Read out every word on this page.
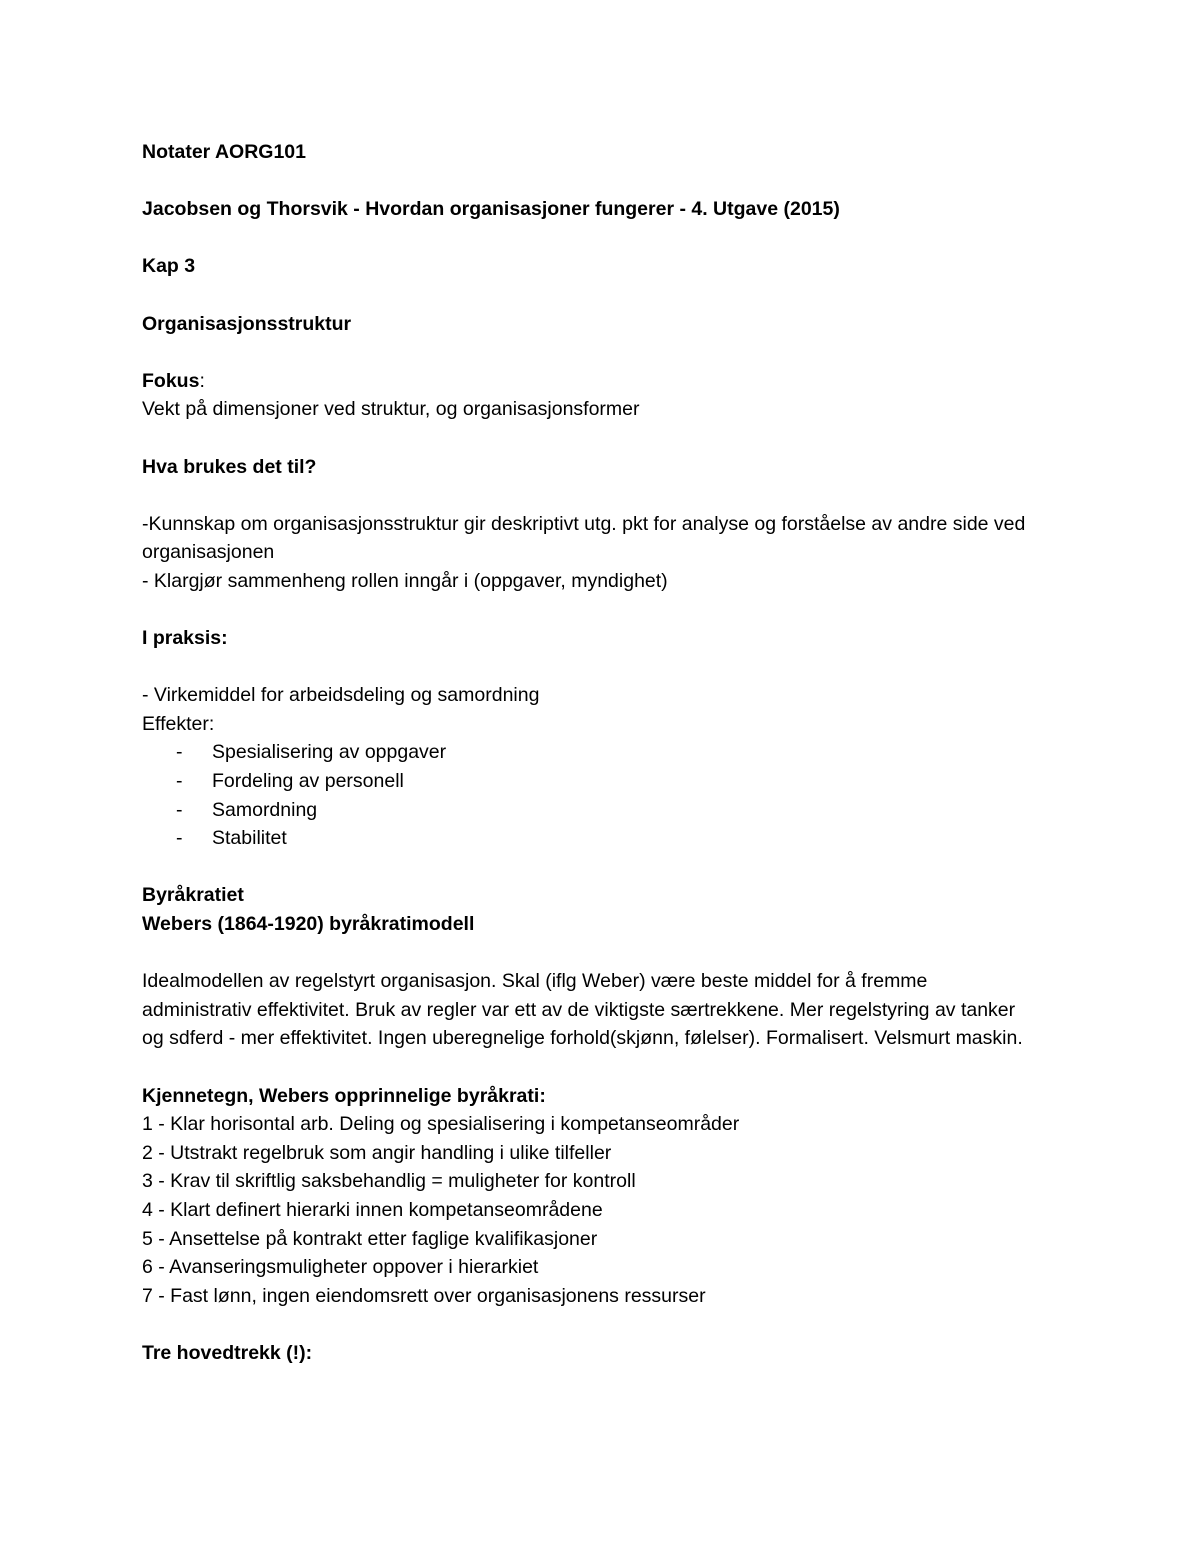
Notater AORG101
Jacobsen og Thorsvik - Hvordan organisasjoner fungerer - 4. Utgave (2015)
Kap 3
Organisasjonsstruktur
Fokus:
Vekt på dimensjoner ved struktur, og organisasjonsformer
Hva brukes det til?
-Kunnskap om organisasjonsstruktur gir deskriptivt utg. pkt for analyse og forståelse av andre side ved organisasjonen
- Klargjør sammenheng rollen inngår i (oppgaver, myndighet)
I praksis:
- Virkemiddel for arbeidsdeling og samordning
Effekter:
- Spesialisering av oppgaver
- Fordeling av personell
- Samordning
- Stabilitet
Byråkratiet
Webers (1864-1920) byråkratimodell
Idealmodellen av regelstyrt organisasjon. Skal (iflg Weber) være beste middel for å fremme administrativ effektivitet. Bruk av regler var ett av de viktigste særtrekkene. Mer regelstyring av tanker og sdferd - mer effektivitet. Ingen uberegnelige forhold(skjønn, følelser). Formalisert. Velsmurt maskin.
Kjennetegn, Webers opprinnelige byråkrati:
1 - Klar horisontal arb. Deling og spesialisering i kompetanseområder
2 - Utstrakt regelbruk som angir handling i ulike tilfeller
3 - Krav til skriftlig saksbehandlig = muligheter for kontroll
4 - Klart definert hierarki innen kompetanseområdene
5 - Ansettelse på kontrakt etter faglige kvalifikasjoner
6 - Avanseringsmuligheter oppover i hierarkiet
7 - Fast lønn, ingen eiendomsrett over organisasjonens ressurser
Tre hovedtrekk (!):
